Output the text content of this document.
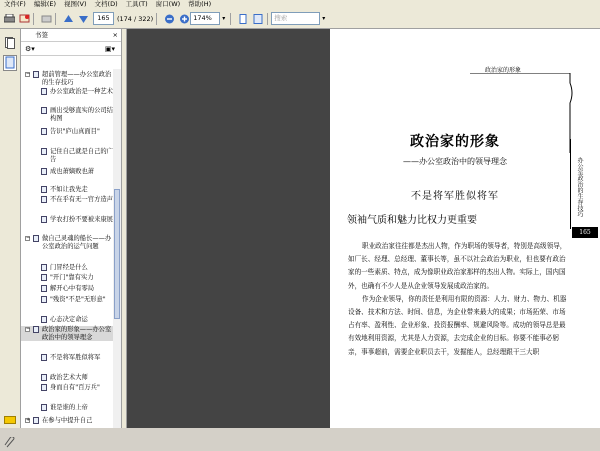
文件(F)	编辑(E)	视图(V)	文档(D)	工具(T)	窗口(W)	帮助(H)
165	(174 / 322)	174%	▾	搜索	▾
书签	×
⚙▾	▣▾
− 超前管理——办公室政治的生存技巧
办公室政治是一种艺术
画出受够直实的公司结构图
告识"庐山真面目"
记住自己就是自己的广告
成也萧嫡败也萧
不如让我先走
不在乎有无一官方造声
学农打扮不要被来康展
− 做自己灵魂的船长——办公室政治的运气问题
门冒经是什么
"开门"靠有实力
解开心中有零局
"残资"不是"无形意"
心态决定命运
− 政治家的形象——办公室政治中的领导理念
不是将军胜似将军
政治艺术大师
身而自有"百万兵"
谁是谁的上帝
+ 在参与中提升自己
政治家的形象
政治家的形象
——办公室政治中的领导理念
不是将军胜似将军
领袖气质和魅力比权力更重要

职业政治家往往都是杰出人物，作为职场的领导者，特别是高级领导，如厂长、经理、总经理、董事长等，虽不以社会政治为职业，但也要有政治家的一些素质、特点，成为像职业政治家那样的杰出人物。实际上，国内国外，也确有不少人是从企业领导发展成政治家的。

作为企业领导，你的责任是利用有限的资源：人力、财力、物力、机器设备、技术和方法、时间、信息，为企业带来最大的成果；市场拓荣、市场占有率、盈利性、企业形象、投资报酬率、规避风险等。成功的领导总是最有效地利用资源，尤其是人力资源，去完成企业的目标。你要不能事必躬亲，事事超前，需要企业职员去干，发掘能人，总经理跟干三大职

办公室政治的生存技巧
165
